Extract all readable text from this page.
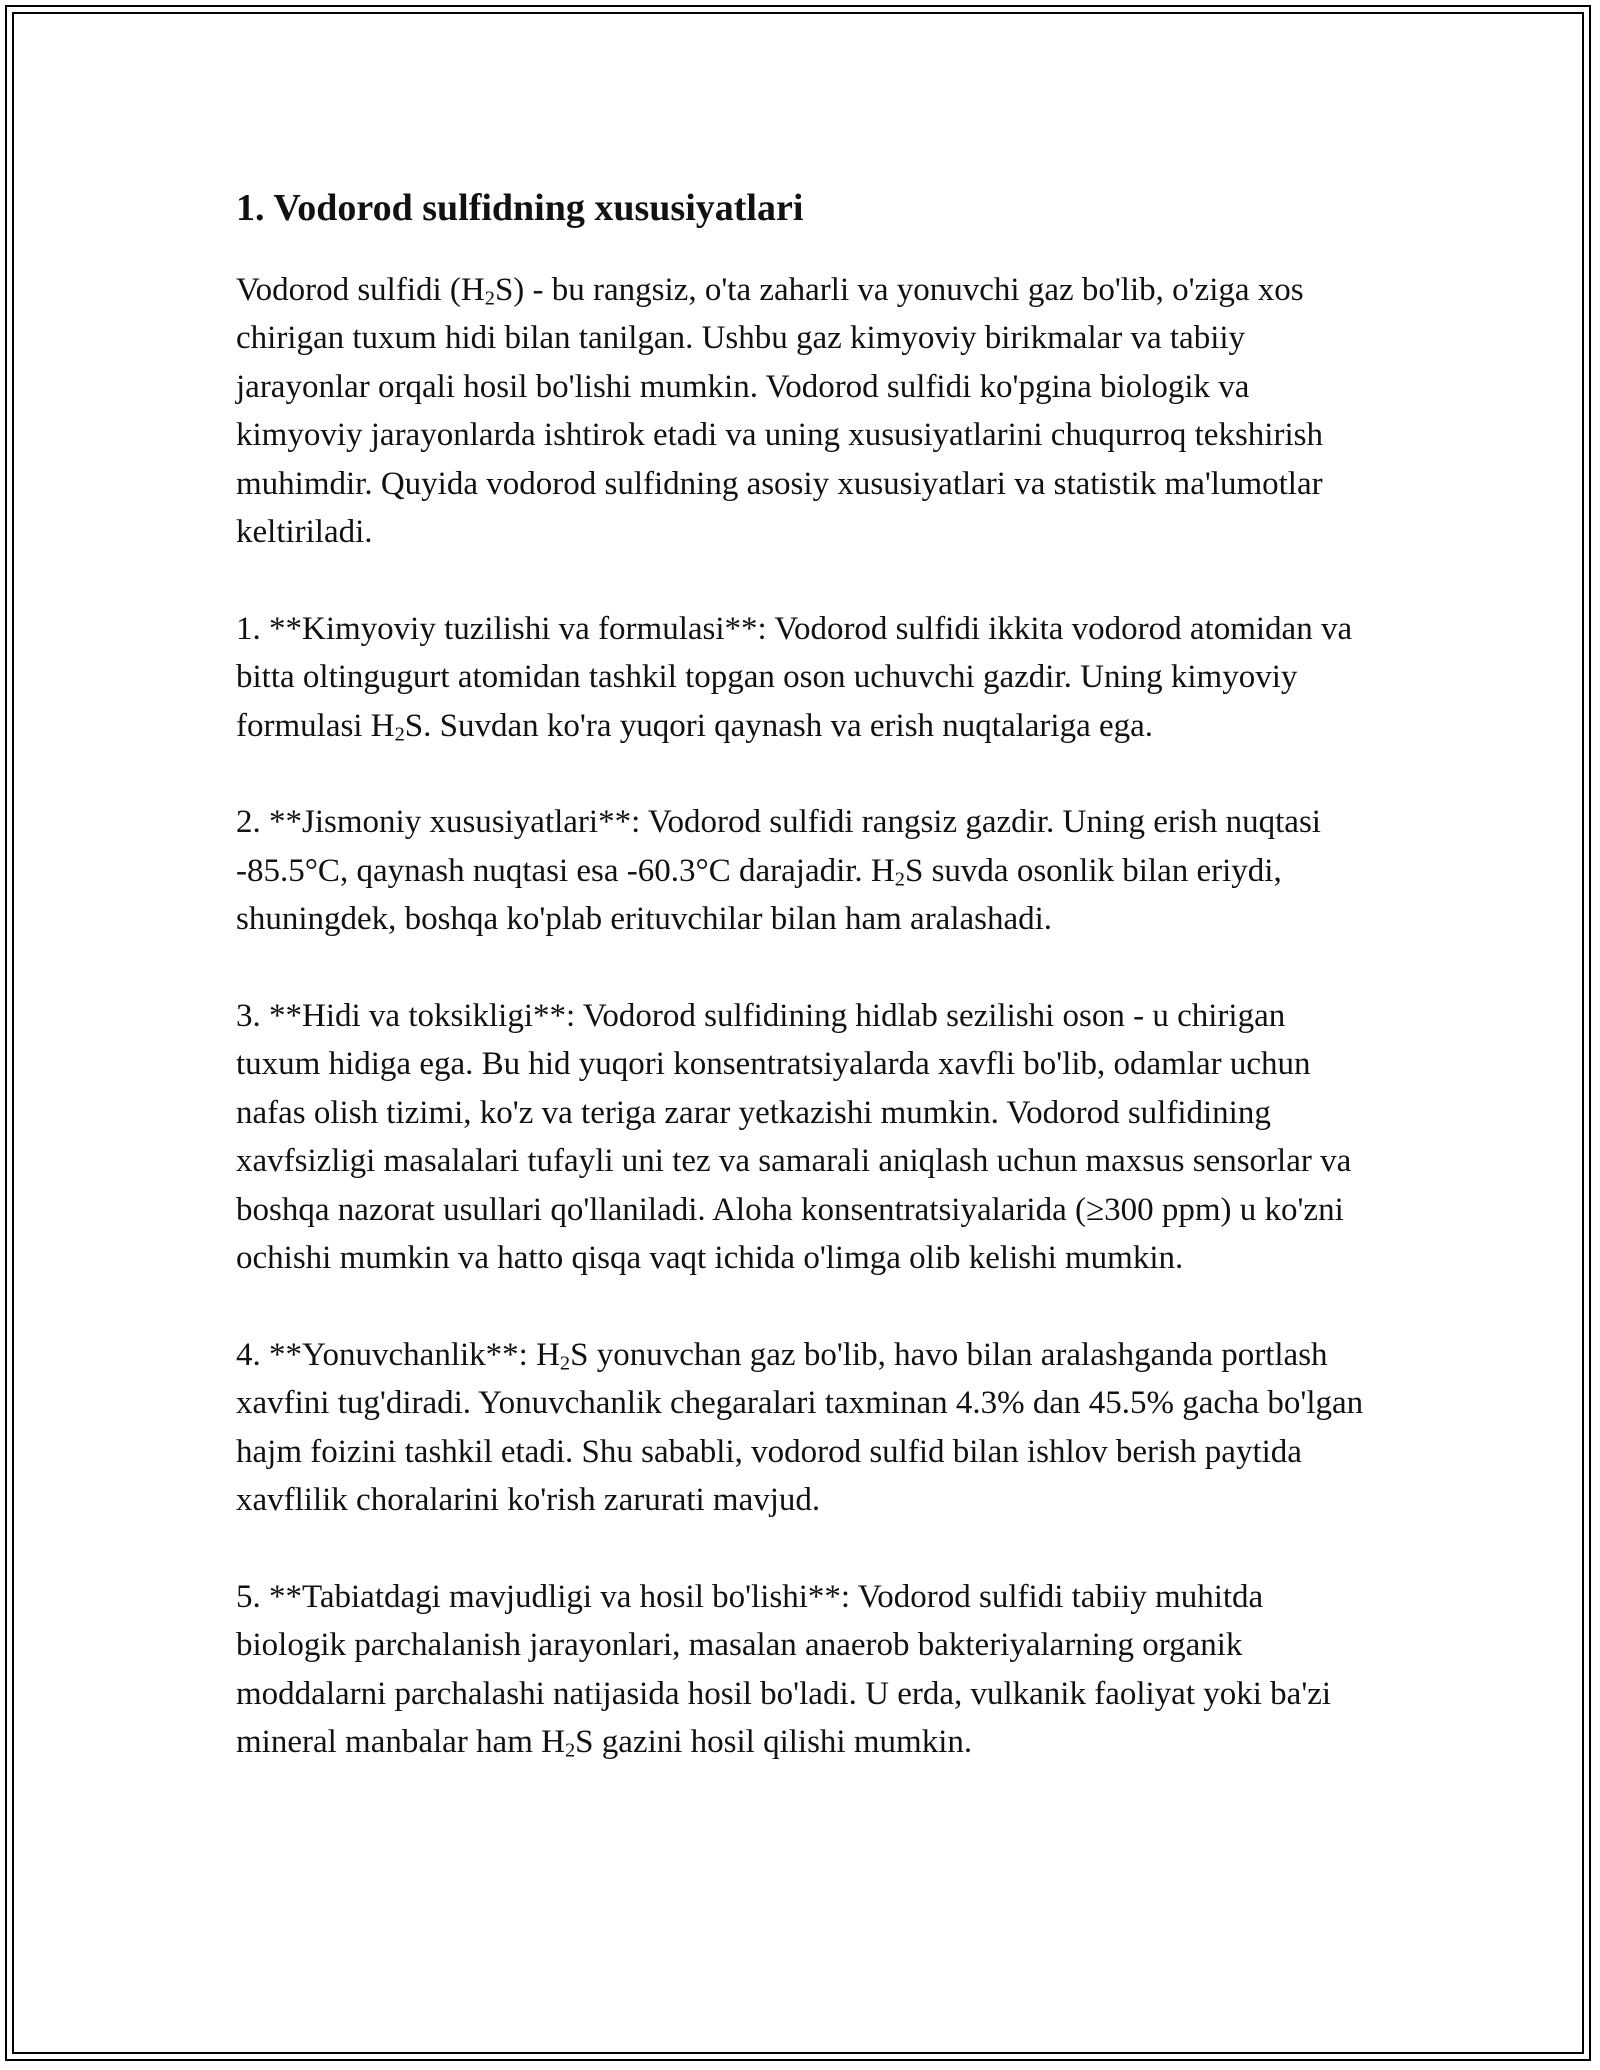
1. Vodorod sulfidning xususiyatlari

Vodorod sulfidi $(H_2S)$ - bu rangsiz, o'ta zaharli va yonuvchi gaz bo'lib, o'ziga xos chirigan tuxum hidi bilan tanilgan. Ushbu gaz kimyoviy birikmalar va tabiiy jarayonlar orqali hosil bo'lishi mumkin. Vodorod sulfidi ko'pgina biologik va kimyoviy jarayonlarda ishtirok etadi va uning xususiyatlarini chuqurroq tekshirish muhimdir. Quyida vodorod sulfidning asosiy xususiyatlari va statistik ma'lumotlar keltiriladi.

1. **Kimyoviy tuzilishi va formulasi**: Vodorod sulfidi ikkita vodorod atomidan va bitta oltingugurt atomidan tashkil topgan oson uchuvchi gazdir. Uning kimyoviy formulasi $H_2S$. Suvdan ko'ra yuqori qaynash va erish nuqtalariga ega.

2. **Jismoniy xususiyatlari**: Vodorod sulfidi rangsiz gazdir. Uning erish nuqtasi -85.5°C, qaynash nuqtasi esa -60.3°C darajadir. $H_2S$ suvda osonlik bilan eriydi, shuningdek, boshqa ko'plab erituvchilar bilan ham aralashadi.

3. **Hidi va toksikligi**: Vodorod sulfidining hidlab sezilishi oson - u chirigan tuxum hidiga ega. Bu hid yuqori konsentratsiyalarda xavfli bo'lib, odamlar uchun nafas olish tizimi, ko'z va teriga zarar yetkazishi mumkin. Vodorod sulfidining xavfsizligi masalalari tufayli uni tez va samarali aniqlash uchun maxsus sensorlar va boshqa nazorat usullari qo'llaniladi. Aloha konsentratsiyalarida (≥300 ppm) u ko'zni ochishi mumkin va hatto qisqa vaqt ichida o'limga olib kelishi mumkin.

4. **Yonuvchanlik**: $H_2S$ yonuvchan gaz bo'lib, havo bilan aralashganda portlash xavfini tug'diradi. Yonuvchanlik chegaralari taxminan 4.3% dan 45.5% gacha bo'lgan hajm foizini tashkil etadi. Shu sababli, vodorod sulfid bilan ishlov berish paytida xavflilik choralarini ko'rish zarurati mavjud.

5. **Tabiatdagi mavjudligi va hosil bo'lishi**: Vodorod sulfidi tabiiy muhitda biologik parchalanish jarayonlari, masalan anaerob bakteriyalarning organik moddalarni parchalashi natijasida hosil bo'ladi. U erda, vulkanik faoliyat yoki ba'zi mineral manbalar ham $H_2S$ gazini hosil qilishi mumkin.
